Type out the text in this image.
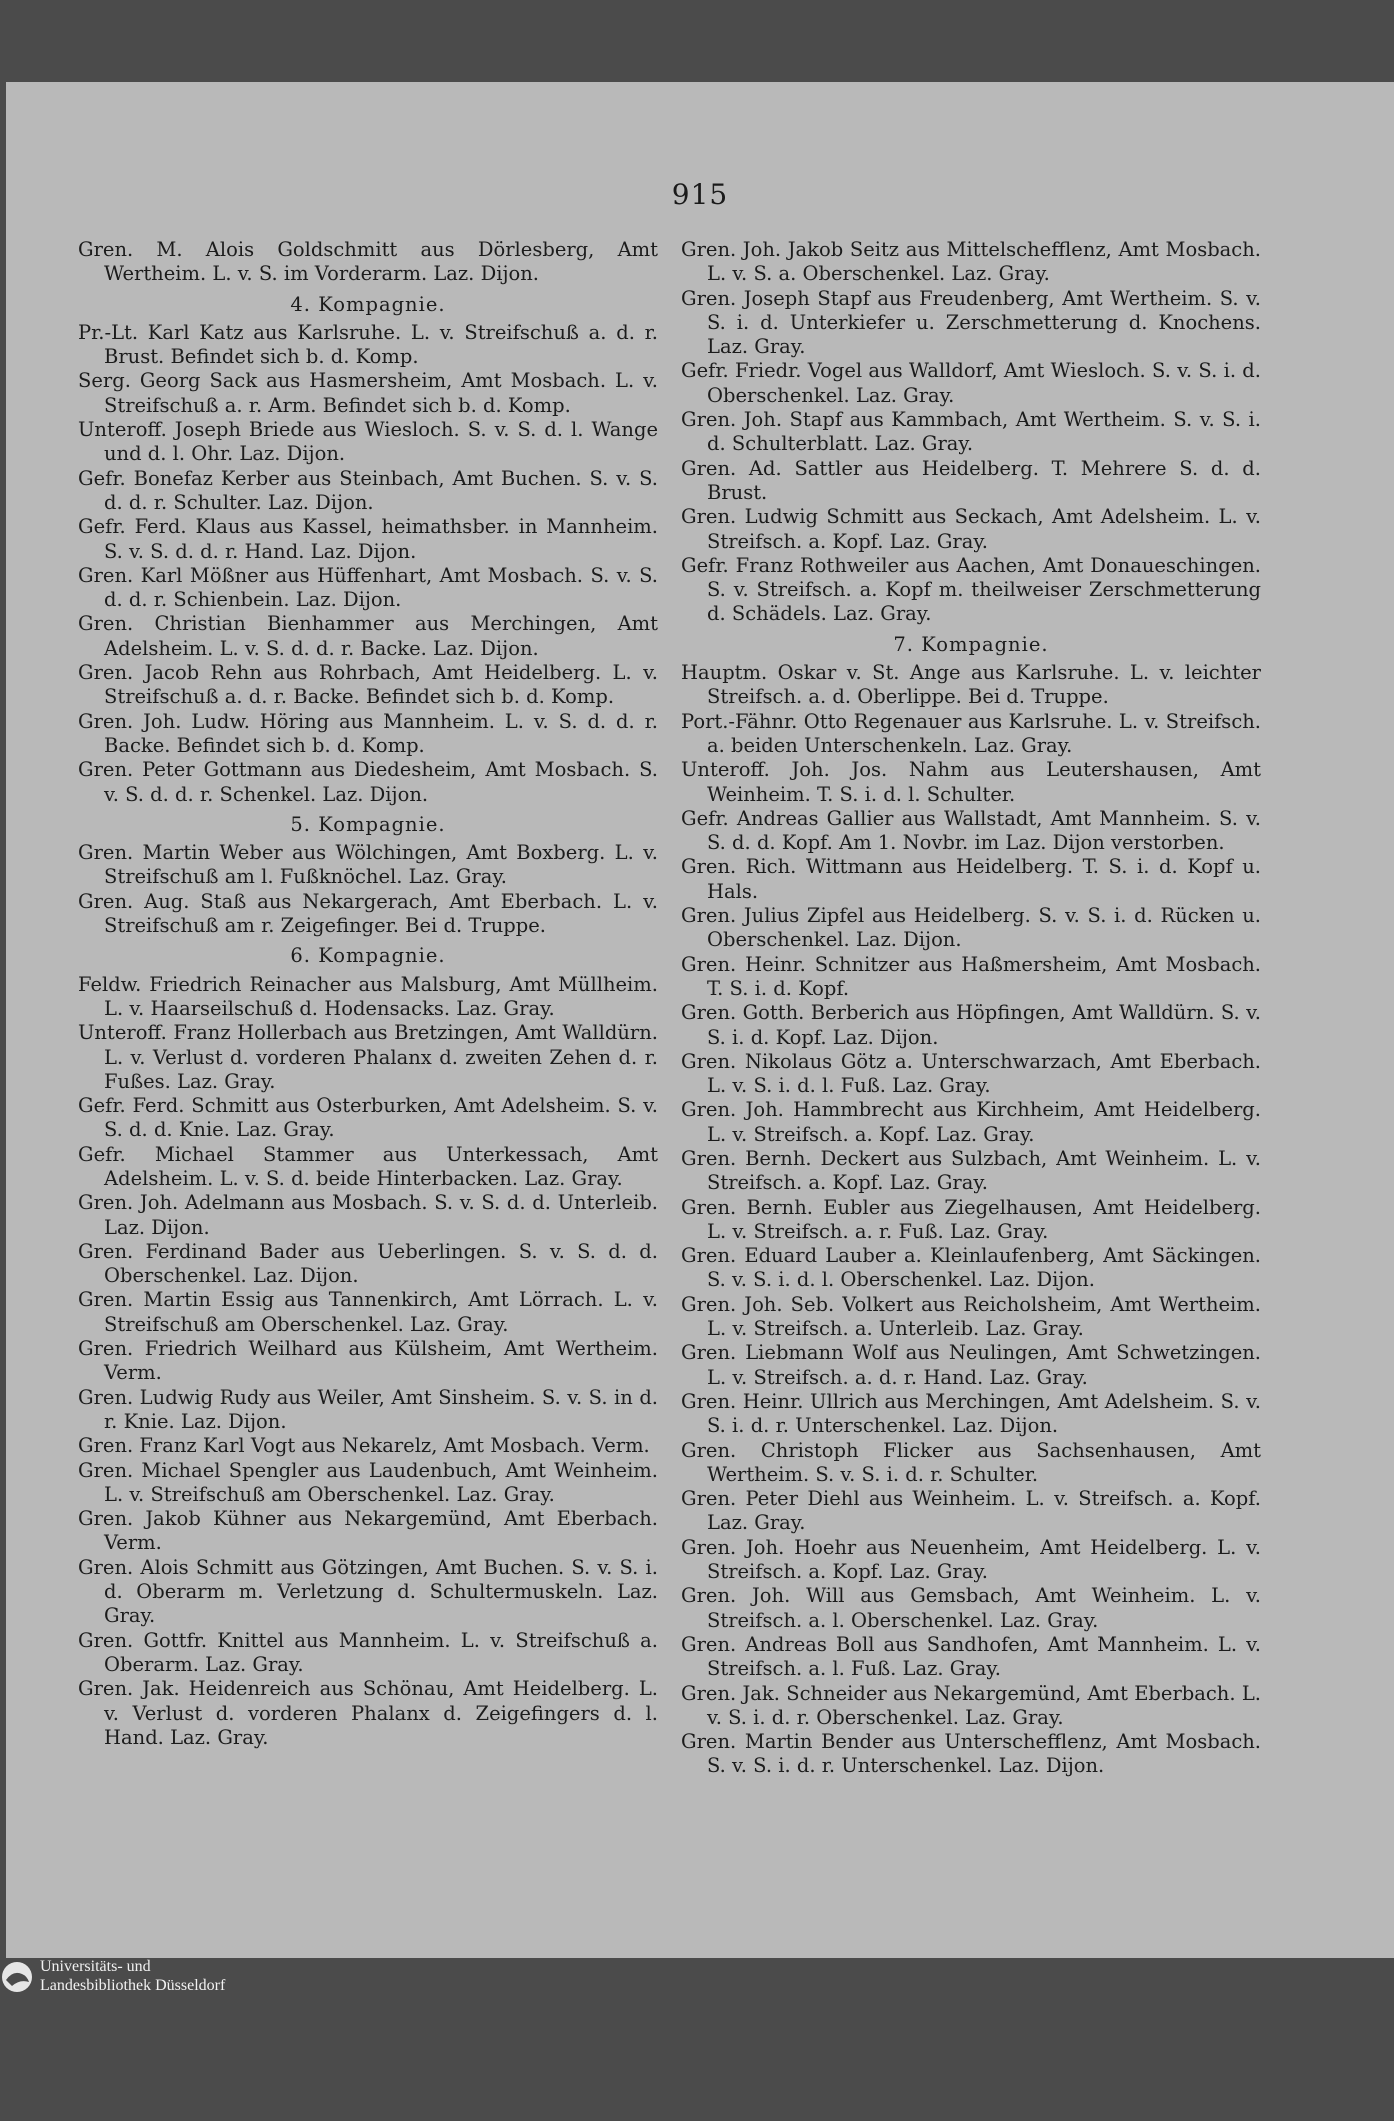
915

Gren. M. Alois Goldschmitt aus Dörlesberg, Amt Wertheim. L. v. S. im Vorderarm. Laz. Dijon.

4. Kompagnie.

Pr.-Lt. Karl Katz aus Karlsruhe. L. v. Streifschuß a. d. r. Brust. Befindet sich b. d. Komp.

Serg. Georg Sack aus Hasmersheim, Amt Mosbach. L. v. Streifschuß a. r. Arm. Befindet sich b. d. Komp.

Unteroff. Joseph Briede aus Wiesloch. S. v. S. d. l. Wange und d. l. Ohr. Laz. Dijon.

Gefr. Bonefaz Kerber aus Steinbach, Amt Buchen. S. v. S. d. d. r. Schulter. Laz. Dijon.

Gefr. Ferd. Klaus aus Kassel, heimathsber. in Mannheim. S. v. S. d. d. r. Hand. Laz. Dijon.

Gren. Karl Mößner aus Hüffenhart, Amt Mosbach. S. v. S. d. d. r. Schienbein. Laz. Dijon.

Gren. Christian Bienhammer aus Merchingen, Amt Adelsheim. L. v. S. d. d. r. Backe. Laz. Dijon.

Gren. Jacob Rehn aus Rohrbach, Amt Heidelberg. L. v. Streifschuß a. d. r. Backe. Befindet sich b. d. Komp.

Gren. Joh. Ludw. Höring aus Mannheim. L. v. S. d. d. r. Backe. Befindet sich b. d. Komp.

Gren. Peter Gottmann aus Diedesheim, Amt Mosbach. S. v. S. d. d. r. Schenkel. Laz. Dijon.

5. Kompagnie.

Gren. Martin Weber aus Wölchingen, Amt Boxberg. L. v. Streifschuß am l. Fußknöchel. Laz. Gray.

Gren. Aug. Staß aus Nekargerach, Amt Eberbach. L. v. Streifschuß am r. Zeigefinger. Bei d. Truppe.

6. Kompagnie.

Feldw. Friedrich Reinacher aus Malsburg, Amt Müllheim. L. v. Haarseilschuß d. Hodensacks. Laz. Gray.

Unteroff. Franz Hollerbach aus Bretzingen, Amt Walldürn. L. v. Verlust d. vorderen Phalanx d. zweiten Zehen d. r. Fußes. Laz. Gray.

Gefr. Ferd. Schmitt aus Osterburken, Amt Adelsheim. S. v. S. d. d. Knie. Laz. Gray.

Gefr. Michael Stammer aus Unterkessach, Amt Adelsheim. L. v. S. d. beide Hinterbacken. Laz. Gray.

Gren. Joh. Adelmann aus Mosbach. S. v. S. d. d. Unterleib. Laz. Dijon.

Gren. Ferdinand Bader aus Ueberlingen. S. v. S. d. d. Oberschenkel. Laz. Dijon.

Gren. Martin Essig aus Tannenkirch, Amt Lörrach. L. v. Streifschuß am Oberschenkel. Laz. Gray.

Gren. Friedrich Weilhard aus Külsheim, Amt Wertheim. Verm.

Gren. Ludwig Rudy aus Weiler, Amt Sinsheim. S. v. S. in d. r. Knie. Laz. Dijon.

Gren. Franz Karl Vogt aus Nekarelz, Amt Mosbach. Verm.

Gren. Michael Spengler aus Laudenbuch, Amt Weinheim. L. v. Streifschuß am Oberschenkel. Laz. Gray.

Gren. Jakob Kühner aus Nekargemünd, Amt Eberbach. Verm.

Gren. Alois Schmitt aus Götzingen, Amt Buchen. S. v. S. i. d. Oberarm m. Verletzung d. Schultermuskeln. Laz. Gray.

Gren. Gottfr. Knittel aus Mannheim. L. v. Streifschuß a. Oberarm. Laz. Gray.

Gren. Jak. Heidenreich aus Schönau, Amt Heidelberg. L. v. Verlust d. vorderen Phalanx d. Zeigefingers d. l. Hand. Laz. Gray.

Gren. Joh. Jakob Seitz aus Mittelschefflenz, Amt Mosbach. L. v. S. a. Oberschenkel. Laz. Gray.

Gren. Joseph Stapf aus Freudenberg, Amt Wertheim. S. v. S. i. d. Unterkiefer u. Zerschmetterung d. Knochens. Laz. Gray.

Gefr. Friedr. Vogel aus Walldorf, Amt Wiesloch. S. v. S. i. d. Oberschenkel. Laz. Gray.

Gren. Joh. Stapf aus Kammbach, Amt Wertheim. S. v. S. i. d. Schulterblatt. Laz. Gray.

Gren. Ad. Sattler aus Heidelberg. T. Mehrere S. d. d. Brust.

Gren. Ludwig Schmitt aus Seckach, Amt Adelsheim. L. v. Streifsch. a. Kopf. Laz. Gray.

Gefr. Franz Rothweiler aus Aachen, Amt Donaueschingen. S. v. Streifsch. a. Kopf m. theilweiser Zerschmetterung d. Schädels. Laz. Gray.

7. Kompagnie.

Hauptm. Oskar v. St. Ange aus Karlsruhe. L. v. leichter Streifsch. a. d. Oberlippe. Bei d. Truppe.

Port.-Fähnr. Otto Regenauer aus Karlsruhe. L. v. Streifsch. a. beiden Unterschenkeln. Laz. Gray.

Unteroff. Joh. Jos. Nahm aus Leutershausen, Amt Weinheim. T. S. i. d. l. Schulter.

Gefr. Andreas Gallier aus Wallstadt, Amt Mannheim. S. v. S. d. d. Kopf. Am 1. Novbr. im Laz. Dijon verstorben.

Gren. Rich. Wittmann aus Heidelberg. T. S. i. d. Kopf u. Hals.

Gren. Julius Zipfel aus Heidelberg. S. v. S. i. d. Rücken u. Oberschenkel. Laz. Dijon.

Gren. Heinr. Schnitzer aus Haßmersheim, Amt Mosbach. T. S. i. d. Kopf.

Gren. Gotth. Berberich aus Höpfingen, Amt Walldürn. S. v. S. i. d. Kopf. Laz. Dijon.

Gren. Nikolaus Götz a. Unterschwarzach, Amt Eberbach. L. v. S. i. d. l. Fuß. Laz. Gray.

Gren. Joh. Hammbrecht aus Kirchheim, Amt Heidelberg. L. v. Streifsch. a. Kopf. Laz. Gray.

Gren. Bernh. Deckert aus Sulzbach, Amt Weinheim. L. v. Streifsch. a. Kopf. Laz. Gray.

Gren. Bernh. Eubler aus Ziegelhausen, Amt Heidelberg. L. v. Streifsch. a. r. Fuß. Laz. Gray.

Gren. Eduard Lauber a. Kleinlaufenberg, Amt Säckingen. S. v. S. i. d. l. Oberschenkel. Laz. Dijon.

Gren. Joh. Seb. Volkert aus Reicholsheim, Amt Wertheim. L. v. Streifsch. a. Unterleib. Laz. Gray.

Gren. Liebmann Wolf aus Neulingen, Amt Schwetzingen. L. v. Streifsch. a. d. r. Hand. Laz. Gray.

Gren. Heinr. Ullrich aus Merchingen, Amt Adelsheim. S. v. S. i. d. r. Unterschenkel. Laz. Dijon.

Gren. Christoph Flicker aus Sachsenhausen, Amt Wertheim. S. v. S. i. d. r. Schulter.

Gren. Peter Diehl aus Weinheim. L. v. Streifsch. a. Kopf. Laz. Gray.

Gren. Joh. Hoehr aus Neuenheim, Amt Heidelberg. L. v. Streifsch. a. Kopf. Laz. Gray.

Gren. Joh. Will aus Gemsbach, Amt Weinheim. L. v. Streifsch. a. l. Oberschenkel. Laz. Gray.

Gren. Andreas Boll aus Sandhofen, Amt Mannheim. L. v. Streifsch. a. l. Fuß. Laz. Gray.

Gren. Jak. Schneider aus Nekargemünd, Amt Eberbach. L. v. S. i. d. r. Oberschenkel. Laz. Gray.

Gren. Martin Bender aus Unterschefflenz, Amt Mosbach. S. v. S. i. d. r. Unterschenkel. Laz. Dijon.

Universitäts- und
Landesbibliothek Düsseldorf
